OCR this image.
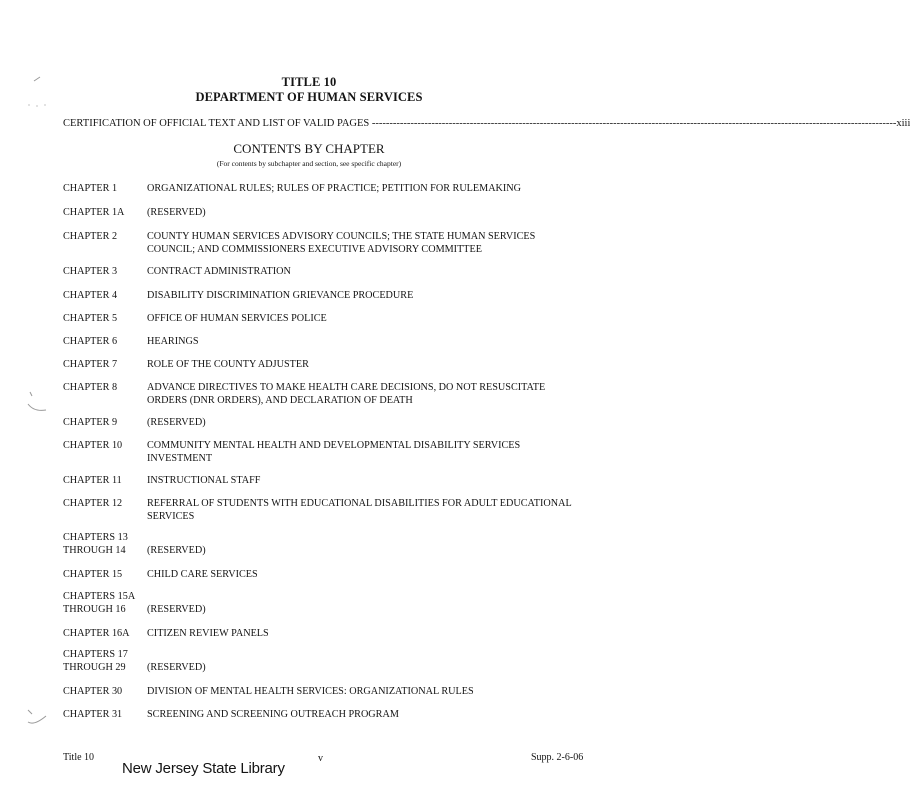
TITLE 10
DEPARTMENT OF HUMAN SERVICES
CERTIFICATION OF OFFICIAL TEXT AND LIST OF VALID PAGES ------------------------------------------------------------------------------------------------------------------------------------------------------ xiii
CONTENTS BY CHAPTER
(For contents by subchapter and section, see specific chapter)
CHAPTER 1	ORGANIZATIONAL RULES; RULES OF PRACTICE; PETITION FOR RULEMAKING
CHAPTER 1A	(RESERVED)
CHAPTER 2	COUNTY HUMAN SERVICES ADVISORY COUNCILS; THE STATE HUMAN SERVICES COUNCIL; AND COMMISSIONERS EXECUTIVE ADVISORY COMMITTEE
CHAPTER 3	CONTRACT ADMINISTRATION
CHAPTER 4	DISABILITY DISCRIMINATION GRIEVANCE PROCEDURE
CHAPTER 5	OFFICE OF HUMAN SERVICES POLICE
CHAPTER 6	HEARINGS
CHAPTER 7	ROLE OF THE COUNTY ADJUSTER
CHAPTER 8	ADVANCE DIRECTIVES TO MAKE HEALTH CARE DECISIONS, DO NOT RESUSCITATE ORDERS (DNR ORDERS), AND DECLARATION OF DEATH
CHAPTER 9	(RESERVED)
CHAPTER 10	COMMUNITY MENTAL HEALTH AND DEVELOPMENTAL DISABILITY SERVICES INVESTMENT
CHAPTER 11	INSTRUCTIONAL STAFF
CHAPTER 12	REFERRAL OF STUDENTS WITH EDUCATIONAL DISABILITIES FOR ADULT EDUCATIONAL SERVICES
CHAPTERS 13
THROUGH 14	(RESERVED)
CHAPTER 15	CHILD CARE SERVICES
CHAPTERS 15A
THROUGH 16	(RESERVED)
CHAPTER 16A	CITIZEN REVIEW PANELS
CHAPTERS 17
THROUGH 29	(RESERVED)
CHAPTER 30	DIVISION OF MENTAL HEALTH SERVICES: ORGANIZATIONAL RULES
CHAPTER 31	SCREENING AND SCREENING OUTREACH PROGRAM
Title 10	v	Supp. 2-6-06
New Jersey State Library
